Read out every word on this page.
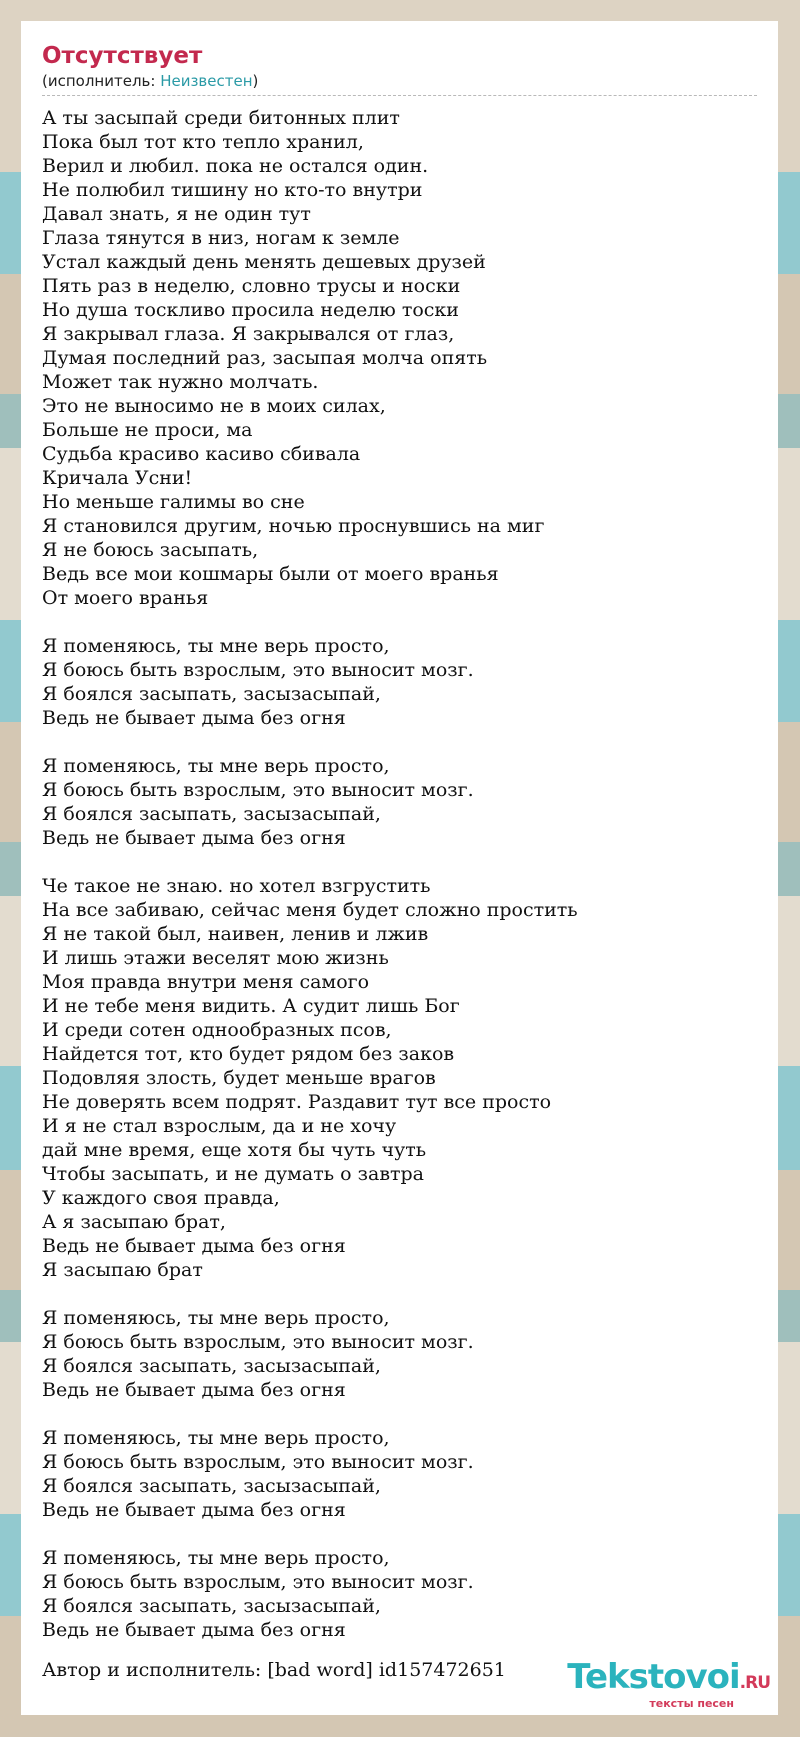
Отсутствует
(исполнитель: Неизвестен)
А ты засыпай среди битонных плит
Пока был тот кто тепло хранил,
Верил и любил. пока не остался один.
Не полюбил тишину но кто-то внутри
Давал знать, я не один тут
Глаза тянутся в низ, ногам к земле
Устал каждый день менять дешевых друзей
Пять раз в неделю, словно трусы и носки
Но душа тоскливо просила неделю тоски
Я закрывал глаза. Я закрывался от глаз,
Думая последний раз, засыпая молча опять
Может так нужно молчать.
Это не выносимо не в моих силах,
Больше не проси, ма
Судьба красиво касиво сбивала
Кричала Усни!
Но меньше галимы во сне
Я становился другим, ночью проснувшись на миг
Я не боюсь засыпать,
Ведь все мои кошмары были от моего вранья
От моего вранья
Я поменяюсь, ты мне верь просто,
Я боюсь быть взрослым, это выносит мозг.
Я боялся засыпать, засызасыпай,
Ведь не бывает дыма без огня
Я поменяюсь, ты мне верь просто,
Я боюсь быть взрослым, это выносит мозг.
Я боялся засыпать, засызасыпай,
Ведь не бывает дыма без огня
Че такое не знаю. но хотел взгрустить
На все забиваю, сейчас меня будет сложно простить
Я не такой был, наивен, ленив и лжив
И лишь этажи веселят мою жизнь
Моя правда внутри меня самого
И не тебе меня видить. А судит лишь Бог
И среди сотен однообразных псов,
Найдется тот, кто будет рядом без заков
Подовляя злость, будет меньше врагов
Не доверять всем подрят. Раздавит тут все просто
И я не стал взрослым, да и не хочу
дай мне время, еще хотя бы чуть чуть
Чтобы засыпать, и не думать о завтра
У каждого своя правда,
А я засыпаю брат,
Ведь не бывает дыма без огня
Я засыпаю брат
Я поменяюсь, ты мне верь просто,
Я боюсь быть взрослым, это выносит мозг.
Я боялся засыпать, засызасыпай,
Ведь не бывает дыма без огня
Я поменяюсь, ты мне верь просто,
Я боюсь быть взрослым, это выносит мозг.
Я боялся засыпать, засызасыпай,
Ведь не бывает дыма без огня
Я поменяюсь, ты мне верь просто,
Я боюсь быть взрослым, это выносит мозг.
Я боялся засыпать, засызасыпай,
Ведь не бывает дыма без огня
Автор и исполнитель: [bad word] id157472651 Tekstovoi.RU
тексты песен
